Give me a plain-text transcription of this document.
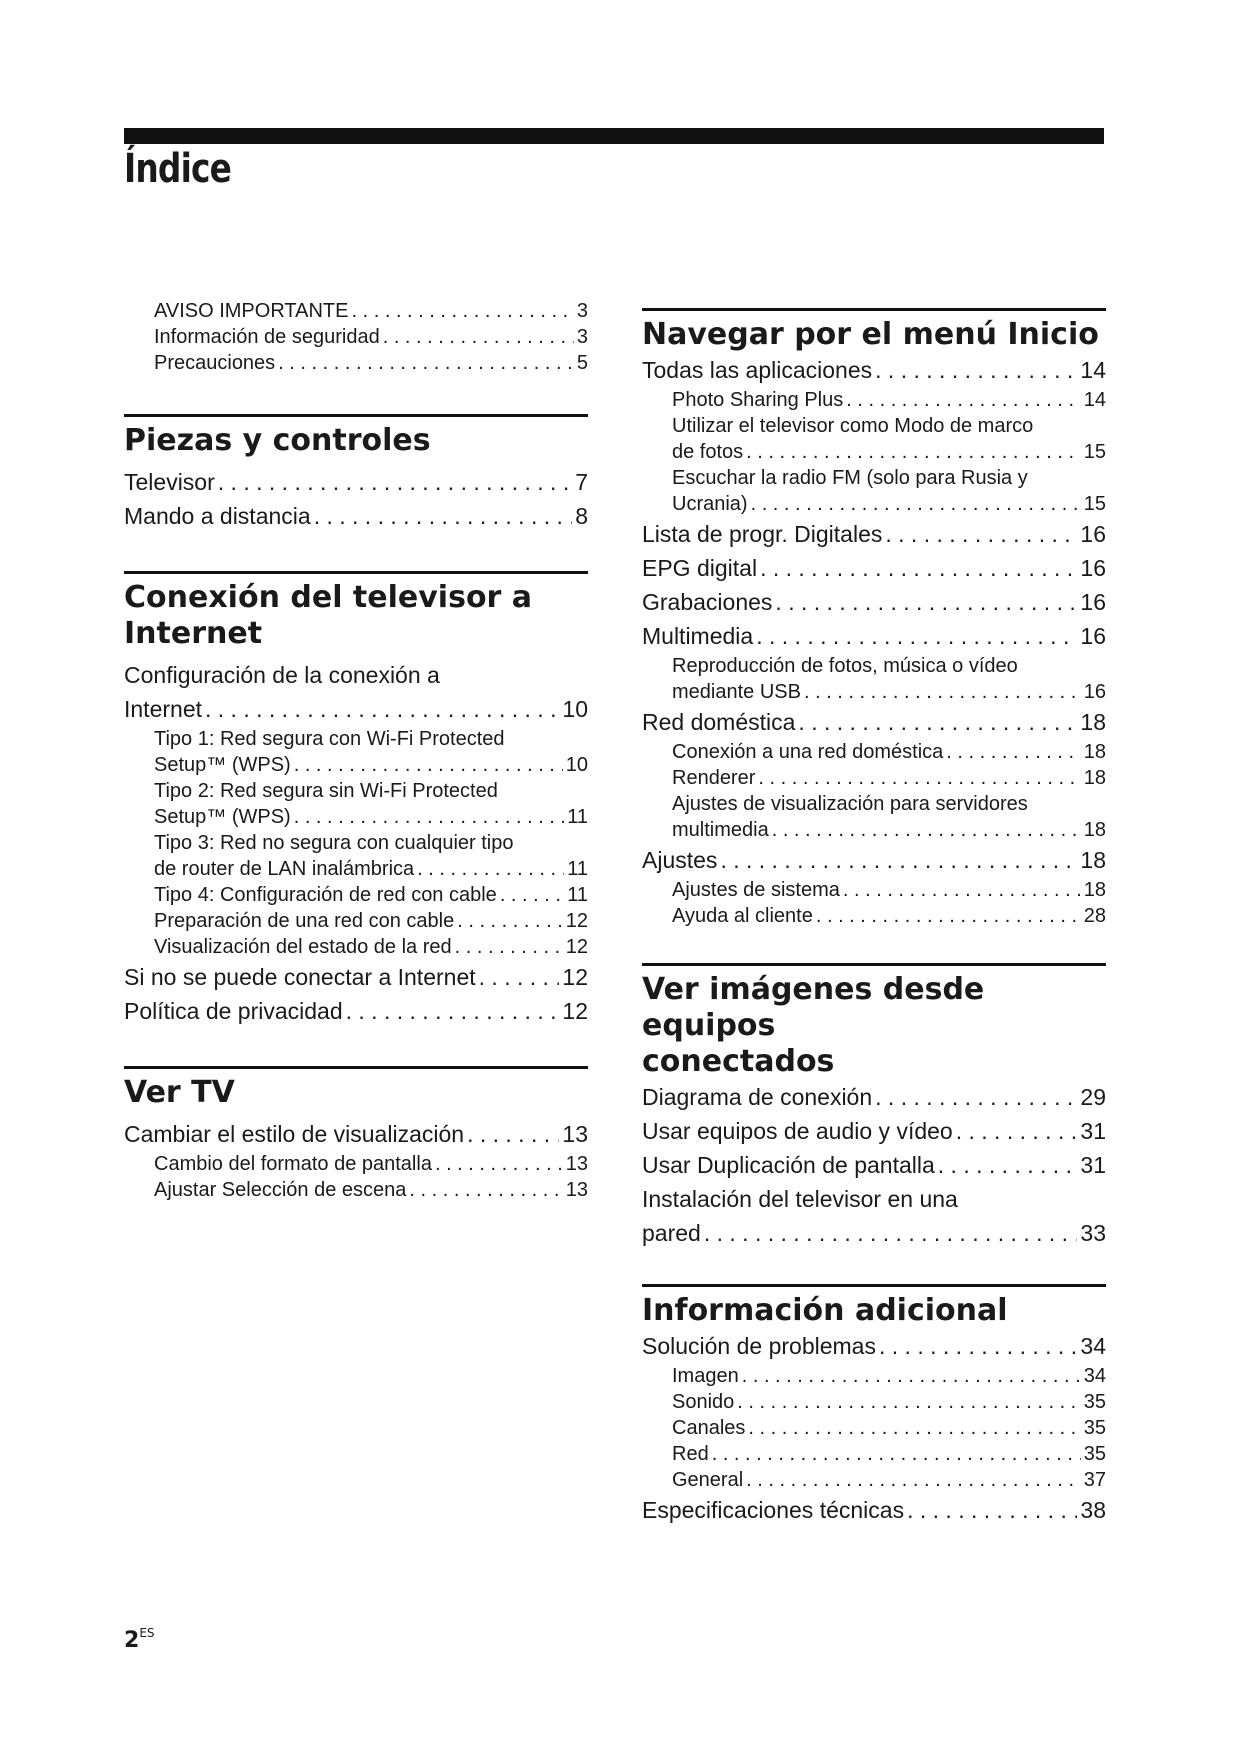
Índice
AVISO IMPORTANTE . . .	3
Información de seguridad . . .	3
Precauciones . . .	5
Piezas y controles
Televisor . . .	7
Mando a distancia . . .	8
Conexión del televisor a
Internet
Configuración de la conexión a
Internet . . .	10
Tipo 1: Red segura con Wi-Fi Protected
Setup™ (WPS) . . .	10
Tipo 2: Red segura sin Wi-Fi Protected
Setup™ (WPS) . . .	11
Tipo 3: Red no segura con cualquier tipo
de router de LAN inalámbrica . . .	11
Tipo 4: Configuración de red con cable . . .	11
Preparación de una red con cable . . .	12
Visualización del estado de la red . . .	12
Si no se puede conectar a Internet . . .	12
Política de privacidad . . .	12
Ver TV
Cambiar el estilo de visualización . . .	13
Cambio del formato de pantalla . . .	13
Ajustar Selección de escena . . .	13
Navegar por el menú Inicio
Todas las aplicaciones . . .	14
Photo Sharing Plus . . .	14
Utilizar el televisor como Modo de marco
de fotos . . .	15
Escuchar la radio FM (solo para Rusia y
Ucrania) . . .	15
Lista de progr. Digitales . . .	16
EPG digital . . .	16
Grabaciones . . .	16
Multimedia . . .	16
Reproducción de fotos, música o vídeo
mediante USB . . .	16
Red doméstica . . .	18
Conexión a una red doméstica . . .	18
Renderer . . .	18
Ajustes de visualización para servidores
multimedia . . .	18
Ajustes . . .	18
Ajustes de sistema . . .	18
Ayuda al cliente . . .	28
Ver imágenes desde equipos
conectados
Diagrama de conexión . . .	29
Usar equipos de audio y vídeo . . .	31
Usar Duplicación de pantalla . . .	31
Instalación del televisor en una
pared . . .	33
Información adicional
Solución de problemas . . .	34
Imagen . . .	34
Sonido . . .	35
Canales . . .	35
Red . . .	35
General . . .	37
Especificaciones técnicas . . .	38
$2^{ES}$
